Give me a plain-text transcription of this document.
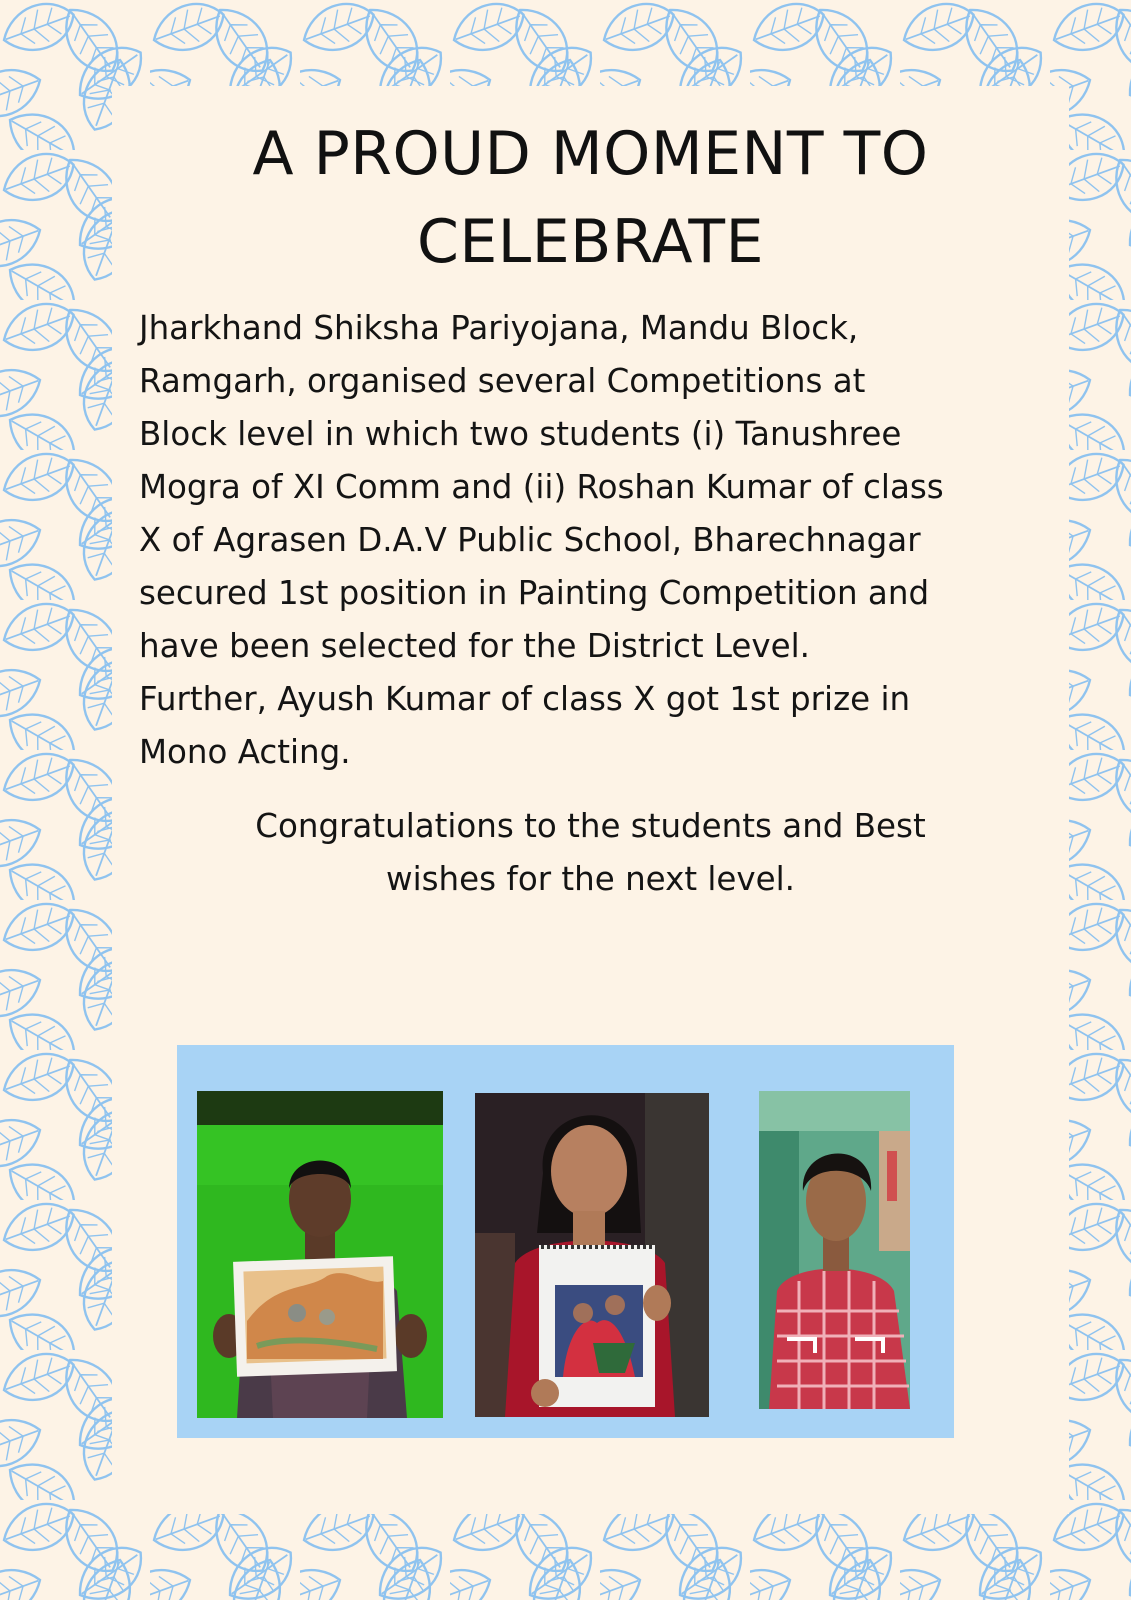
A PROUD MOMENT TO
CELEBRATE

Jharkhand Shiksha Pariyojana, Mandu Block,
Ramgarh, organised several Competitions at
Block level in which two students (i) Tanushree
Mogra of XI Comm and (ii) Roshan Kumar of class
X of Agrasen D.A.V Public School, Bharechnagar
secured 1st position in Painting Competition and
have been selected for the District Level.
Further, Ayush Kumar of class X got 1st prize in
Mono Acting.

Congratulations to the students and Best
wishes for the next level.
